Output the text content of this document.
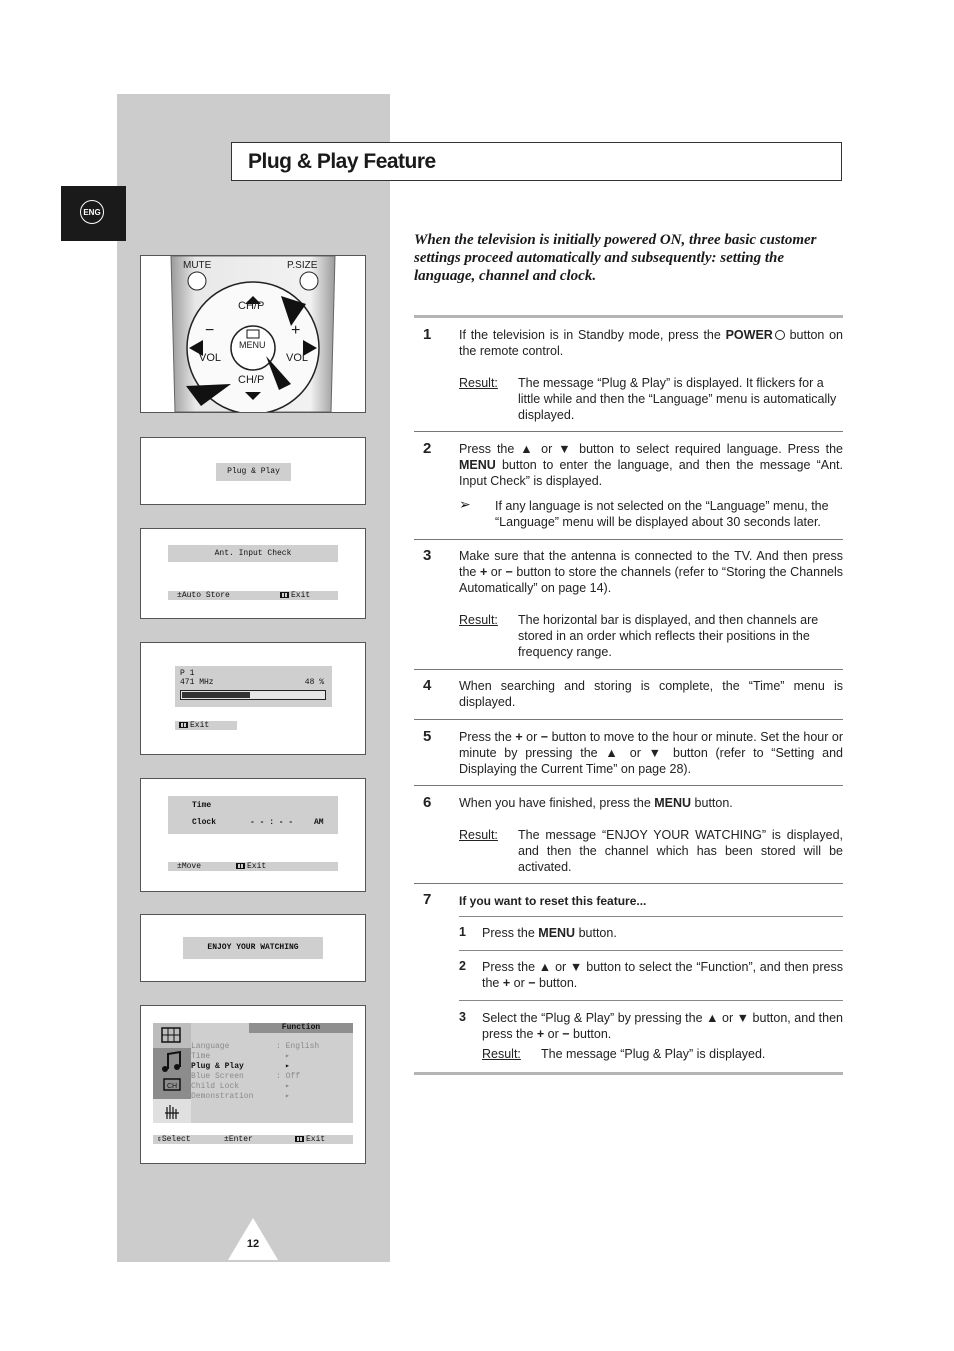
ENG
Plug & Play Feature
MUTE	P.SIZE
CH/P
CH/P
VOL	VOL
−	+
MENU
Plug & Play
Ant. Input Check
±Auto Store	Exit
P 1
471 MHz	48 %
Exit
Time
Clock	- - : - -	AM
±Move	Exit
ENJOY YOUR WATCHING
CH
Function
Language	: English
Time	▸
Plug & Play	▸
Blue Screen	: Off
Child Lock	▸
Demonstration	▸
⇕Select	±Enter	Exit
12
When the television is initially powered ON, three basic customer settings proceed automatically and subsequently: setting the language, channel and clock.
1 If the television is in Standby mode, press the POWER button on the remote control.
Result: The message “Plug & Play” is displayed. It flickers for a little while and then the “Language” menu is automatically displayed.
2 Press the ▲ or ▼ button to select required language. Press the MENU button to enter the language, and then the message “Ant. Input Check” is displayed.
➢ If any language is not selected on the “Language” menu, the “Language” menu will be displayed about 30 seconds later.
3 Make sure that the antenna is connected to the TV. And then press the + or − button to store the channels (refer to “Storing the Channels Automatically” on page 14).
Result: The horizontal bar is displayed, and then channels are stored in an order which reflects their positions in the frequency range.
4 When searching and storing is complete, the “Time” menu is displayed.
5 Press the + or − button to move to the hour or minute. Set the hour or minute by pressing the ▲ or ▼ button (refer to “Setting and Displaying the Current Time” on page 28).
6 When you have finished, press the MENU button.
Result: The message “ENJOY YOUR WATCHING” is displayed, and then the channel which has been stored will be activated.
7 If you want to reset this feature...
1 Press the MENU button.
2 Press the ▲ or ▼ button to select the “Function”, and then press the + or − button.
3 Select the “Plug & Play” by pressing the ▲ or ▼ button, and then press the + or − button.
Result: The message “Plug & Play” is displayed.
